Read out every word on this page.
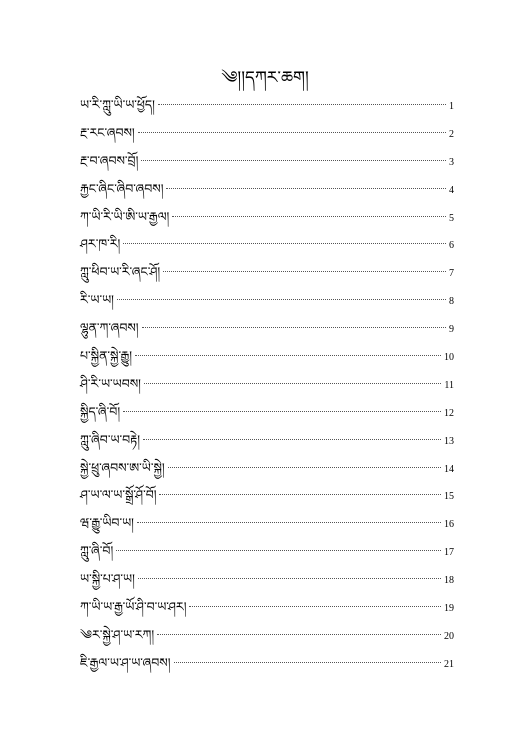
༄།།དཀར་ཆག།
ཡ་རི་ཀླུ་ཡི་ཡ་ཕྱོད།	1
རྔ་རང་ཞབས།	2
རྔ་བ་ཞབས་བྲོ།	3
རྐྱང་ཞིང་ཞིབ་ཞབས།	4
ཀ་ཡི་རི་ཡི་ཨི་ཡ་རྒྱལ།	5
ཤར་ཁ་རི།	6
ཀླུ་ཕིབ་ཡ་རི་ཞང་ཤོ།	7
རི་ཡ་ཡ།	8
ལྷུན་ཀ་ཞབས།	9
པ་སྐྱིན་སྐྱེ་རྒྱུ།	10
ཤི་རི་ཡ་ཡབས།	11
སྐྱིད་ཞི་བོ།	12
ཀླུ་ཞིབ་ཡ་བརྟེ།	13
སྐྱེ་ཕྲུ་ཞབས་ཨ་ཡི་སྐྱེ།	14
ཤ་ཡ་ལ་ཡ་སྒྲོ་ཤོ་བོ།	15
ཝ་རྒྱུ་ཡིབ་ཡ།	16
ཀླུ་ཞི་བོ།	17
ཡ་སྐྱི་པ་ཤ་ཡ།	18
ཀ་ཡི་ཡ་རྒྱ་ཡོ་ཤི་བ་ཡ་ཤར།	19
༄ར་སྐྱེ་ཤ་ཡ་རཀ།	20
ཇི་རྒྱལ་ཡ་ཤ་ཡ་ཞབས།	21
